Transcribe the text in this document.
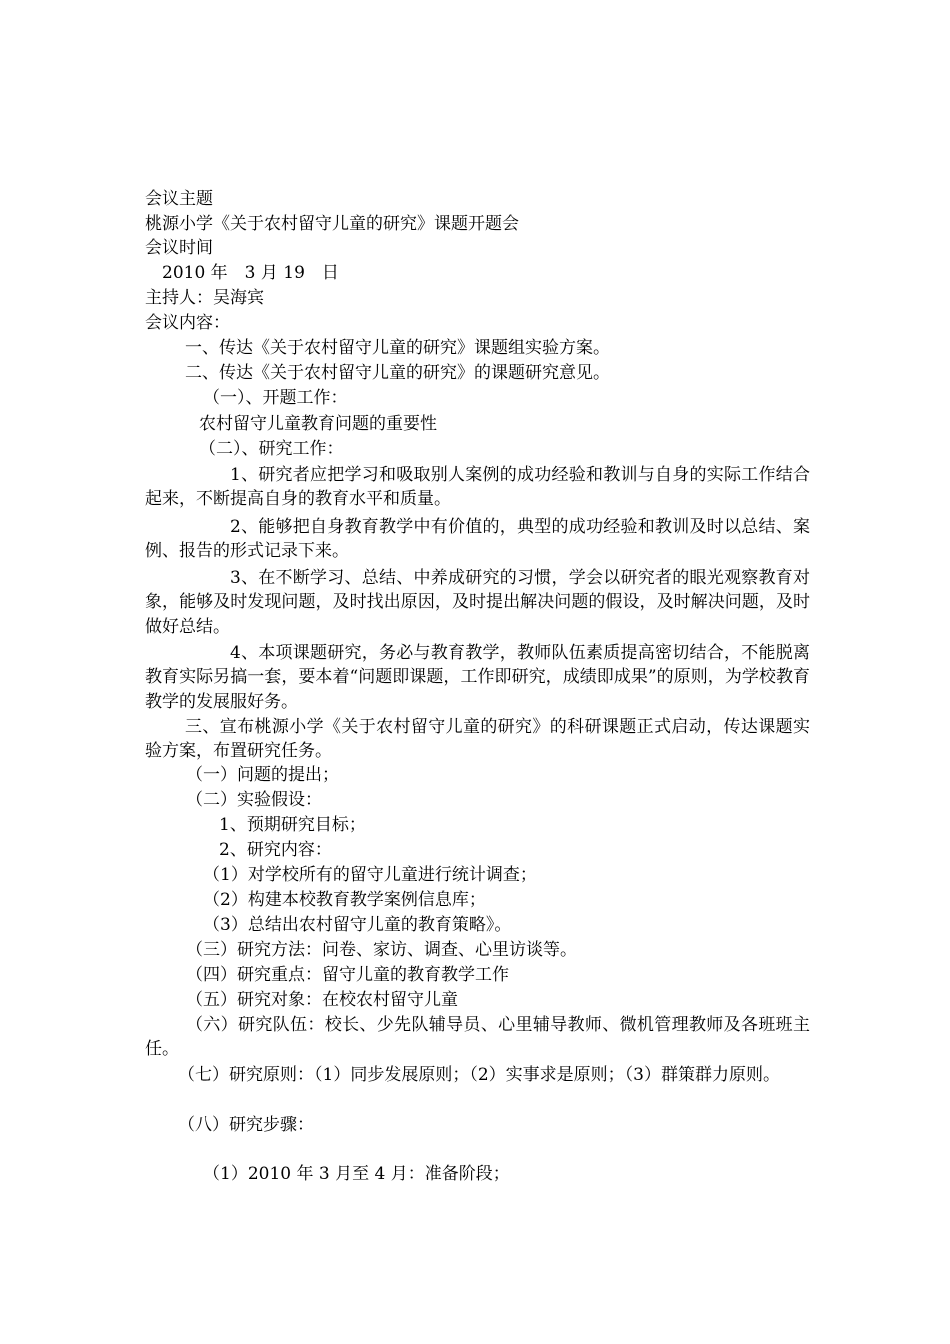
会议主题

桃源小学《关于农村留守儿童的研究》课题开题会

会议时间

2010 年　3 月 19　日

主持人：吴海宾

会议内容：

一、传达《关于农村留守儿童的研究》课题组实验方案。

二、传达《关于农村留守儿童的研究》的课题研究意见。

（一）、开题工作：

农村留守儿童教育问题的重要性

（二）、研究工作：

1、研究者应把学习和吸取别人案例的成功经验和教训与自身的实际工作结合起来，不断提高自身的教育水平和质量。

2、能够把自身教育教学中有价值的，典型的成功经验和教训及时以总结、案例、报告的形式记录下来。

3、在不断学习、总结、中养成研究的习惯，学会以研究者的眼光观察教育对象，能够及时发现问题，及时找出原因，及时提出解决问题的假设，及时解决问题，及时做好总结。

4、本项课题研究，务必与教育教学，教师队伍素质提高密切结合，不能脱离教育实际另搞一套，要本着“问题即课题，工作即研究，成绩即成果”的原则，为学校教育教学的发展服好务。

三、宣布桃源小学《关于农村留守儿童的研究》的科研课题正式启动，传达课题实验方案，布置研究任务。

（一）问题的提出；

（二）实验假设：

1、预期研究目标；

2、研究内容：

（1）对学校所有的留守儿童进行统计调查；

（2）构建本校教育教学案例信息库；

（3）总结出农村留守儿童的教育策略》。

（三）研究方法：问卷、家访、调查、心里访谈等。

（四）研究重点：留守儿童的教育教学工作

（五）研究对象：在校农村留守儿童

（六）研究队伍：校长、少先队辅导员、心里辅导教师、微机管理教师及各班班主任。

（七）研究原则：（1）同步发展原则；（2）实事求是原则；（3）群策群力原则。

（八）研究步骤：

（1）2010 年 3 月至 4 月：准备阶段；
